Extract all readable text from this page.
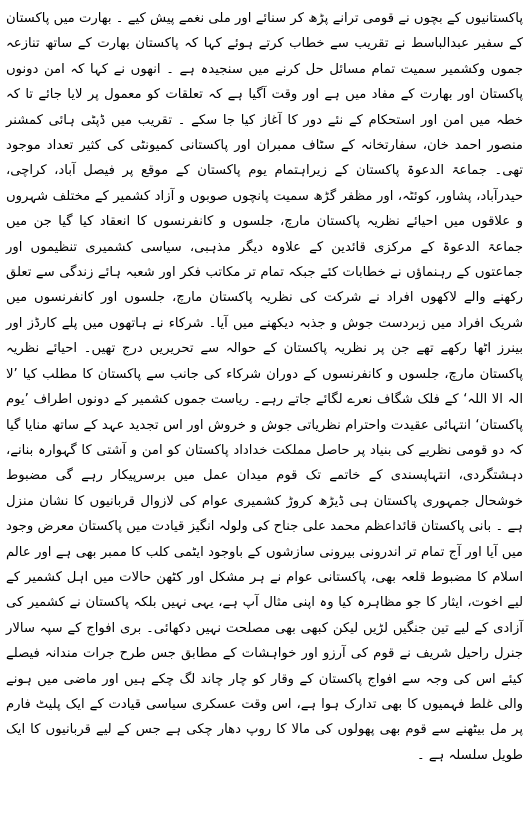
پاکستانیوں کے بچوں نے قومی ترانے پڑھ کر سنائے اور ملی نغمے پیش کیے ۔ بھارت میں پاکستان کے سفیر عبدالباسط نے تقریب سے خطاب کرتے ہوئے کہا کہ پاکستان بھارت کے ساتھ تنازعہ جموں وکشمیر سمیت تمام مسائل حل کرنے میں سنجیدہ ہے ۔ انھوں نے کہا کہ امن دونوں پاکستان اور بھارت کے مفاد میں ہے اور وقت آگیا ہے کہ تعلقات کو معمول پر لایا جائے تا کہ خطہ میں امن اور استحکام کے نئے دور کا آغاز کیا جا سکے ۔ تقریب میں ڈپٹی ہائی کمشنر منصور احمد خان، سفارتخانہ کے سٹاف ممبران اور پاکستانی کمیونٹی کی کثیر تعداد موجود تھی۔ جماعۃ الدعوۃ پاکستان کے زیراہتمام یوم پاکستان کے موقع پر فیصل آباد، کراچی، حیدرآباد، پشاور، کوئٹہ، اور مظفر گڑھ سمیت پانچوں صوبوں و آزاد کشمیر کے مختلف شہروں و علاقوں میں احیائے نظریہ پاکستان مارچ، جلسوں و کانفرنسوں کا انعقاد کیا گیا جن میں جماعۃ الدعوۃ کے مرکزی قائدین کے علاوہ دیگر مذہبی، سیاسی کشمیری تنظیموں اور جماعتوں کے رہنماؤں نے خطابات کئے جبکہ تمام تر مکاتب فکر اور شعبہ ہائے زندگی سے تعلق رکھنے والے لاکھوں افراد نے شرکت کی نظریہ پاکستان مارچ، جلسوں اور کانفرنسوں میں شریک افراد میں زبردست جوش و جذبہ دیکھنے میں آیا۔ شرکاء نے ہاتھوں میں پلے کارڈز اور بینرز اٹھا رکھے تھے جن پر نظریہ پاکستان کے حوالہ سے تحریریں درج تھیں۔ احیائے نظریہ پاکستان مارچ، جلسوں و کانفرنسوں کے دوران شرکاء کی جانب سے پاکستان کا مطلب کیا ’لا الہ الا اللہ‘ کے فلک شگاف نعرے لگائے جاتے رہے۔ ریاست جموں کشمیر کے دونوں اطراف ’یوم پاکستان‘ انتہائی عقیدت واحترام نظریاتی جوش و خروش اور اس تجدید عہد کے ساتھ منایا گیا کہ دو قومی نظریے کی بنیاد پر حاصل مملکت خداداد پاکستان کو امن و آشتی کا گہوارہ بنانے، دہشتگردی، انتہاپسندی کے خاتمے تک قوم میدان عمل میں برسرپیکار رہے گی مضبوط خوشحال جمہوری پاکستان ہی ڈیڑھ کروڑ کشمیری عوام کی لازوال قربانیوں کا نشان منزل ہے ۔ بانی پاکستان قائداعظم محمد علی جناح کی ولولہ انگیز قیادت میں پاکستان معرض وجود میں آیا اور آج تمام تر اندرونی بیرونی سازشوں کے باوجود ایٹمی کلب کا ممبر بھی ہے اور عالم اسلام کا مضبوط قلعہ بھی، پاکستانی عوام نے ہر مشکل اور کٹھن حالات میں اہل کشمیر کے لیے اخوت، ایثار کا جو مظاہرہ کیا وہ اپنی مثال آپ ہے، یہی نہیں بلکہ پاکستان نے کشمیر کی آزادی کے لیے تین جنگیں لڑیں لیکن کبھی بھی مصلحت نہیں دکھائی۔ بری افواج کے سپہ سالار جنرل راحیل شریف نے قوم کی آرزو اور خواہشات کے مطابق جس طرح جرات مندانہ فیصلے کیئے اس کی وجہ سے افواج پاکستان کے وقار کو چار چاند لگ چکے ہیں اور ماضی میں ہونے والی غلط فہمیوں کا بھی تدارک ہوا ہے، اس وقت عسکری سیاسی قیادت کے ایک پلیٹ فارم پر مل بیٹھنے سے قوم بھی پھولوں کی مالا کا روپ دھار چکی ہے جس کے لیے قربانیوں کا ایک طویل سلسلہ ہے ۔
